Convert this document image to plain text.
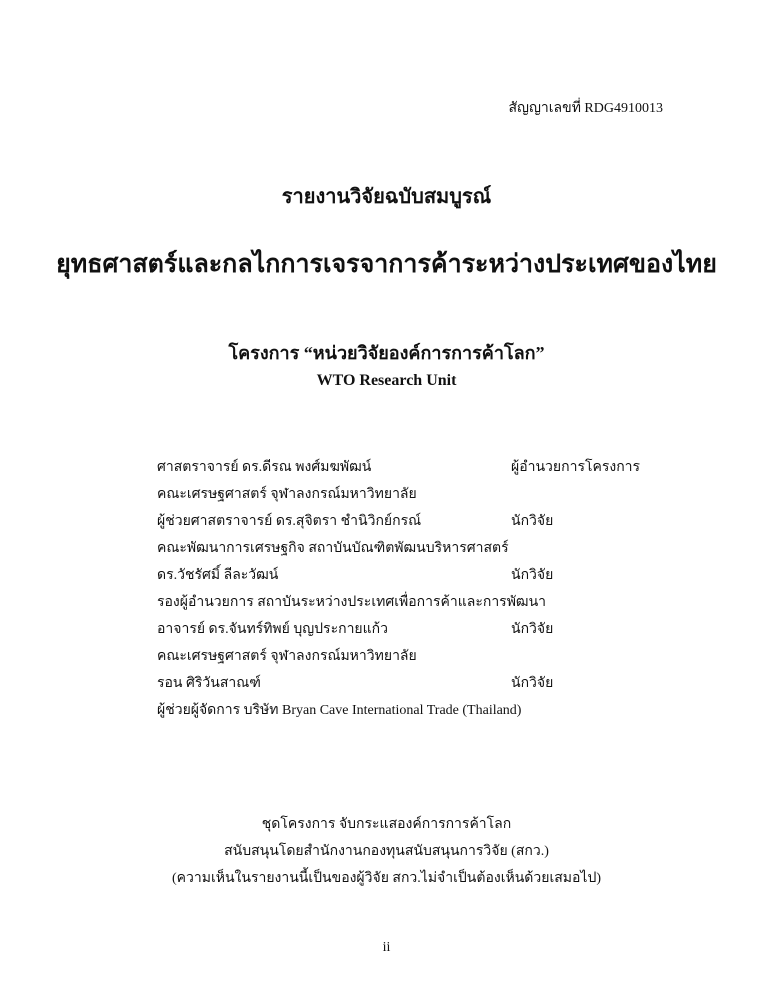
สัญญาเลขที่ RDG4910013
รายงานวิจัยฉบับสมบูรณ์
ยุทธศาสตร์และกลไกการเจรจาการค้าระหว่างประเทศของไทย
โครงการ “หน่วยวิจัยองค์การการค้าโลก”
WTO Research Unit
ศาสตราจารย์ ดร.ดีรณ พงศ์มฆพัฒน์	ผู้อำนวยการโครงการ
คณะเศรษฐศาสตร์ จุฬาลงกรณ์มหาวิทยาลัย
ผู้ช่วยศาสตราจารย์ ดร.สุจิตรา ชำนิวิกย์กรณ์	นักวิจัย
คณะพัฒนาการเศรษฐกิจ สถาบันบัณฑิตพัฒนบริหารศาสตร์
ดร.วัชรัศมิ์ ลีละวัฒน์	นักวิจัย
รองผู้อำนวยการ สถาบันระหว่างประเทศเพื่อการค้าและการพัฒนา
อาจารย์ ดร.จันทร์ทิพย์ บุญประกายแก้ว	นักวิจัย
คณะเศรษฐศาสตร์ จุฬาลงกรณ์มหาวิทยาลัย
รอน ศิริวันสาณฑ์	นักวิจัย
ผู้ช่วยผู้จัดการ บริษัท Bryan Cave International Trade (Thailand)
ชุดโครงการ จับกระแสองค์การการค้าโลก
สนับสนุนโดยสำนักงานกองทุนสนับสนุนการวิจัย (สกว.)
(ความเห็นในรายงานนี้เป็นของผู้วิจัย สกว.ไม่จำเป็นต้องเห็นด้วยเสมอไป)
ii
